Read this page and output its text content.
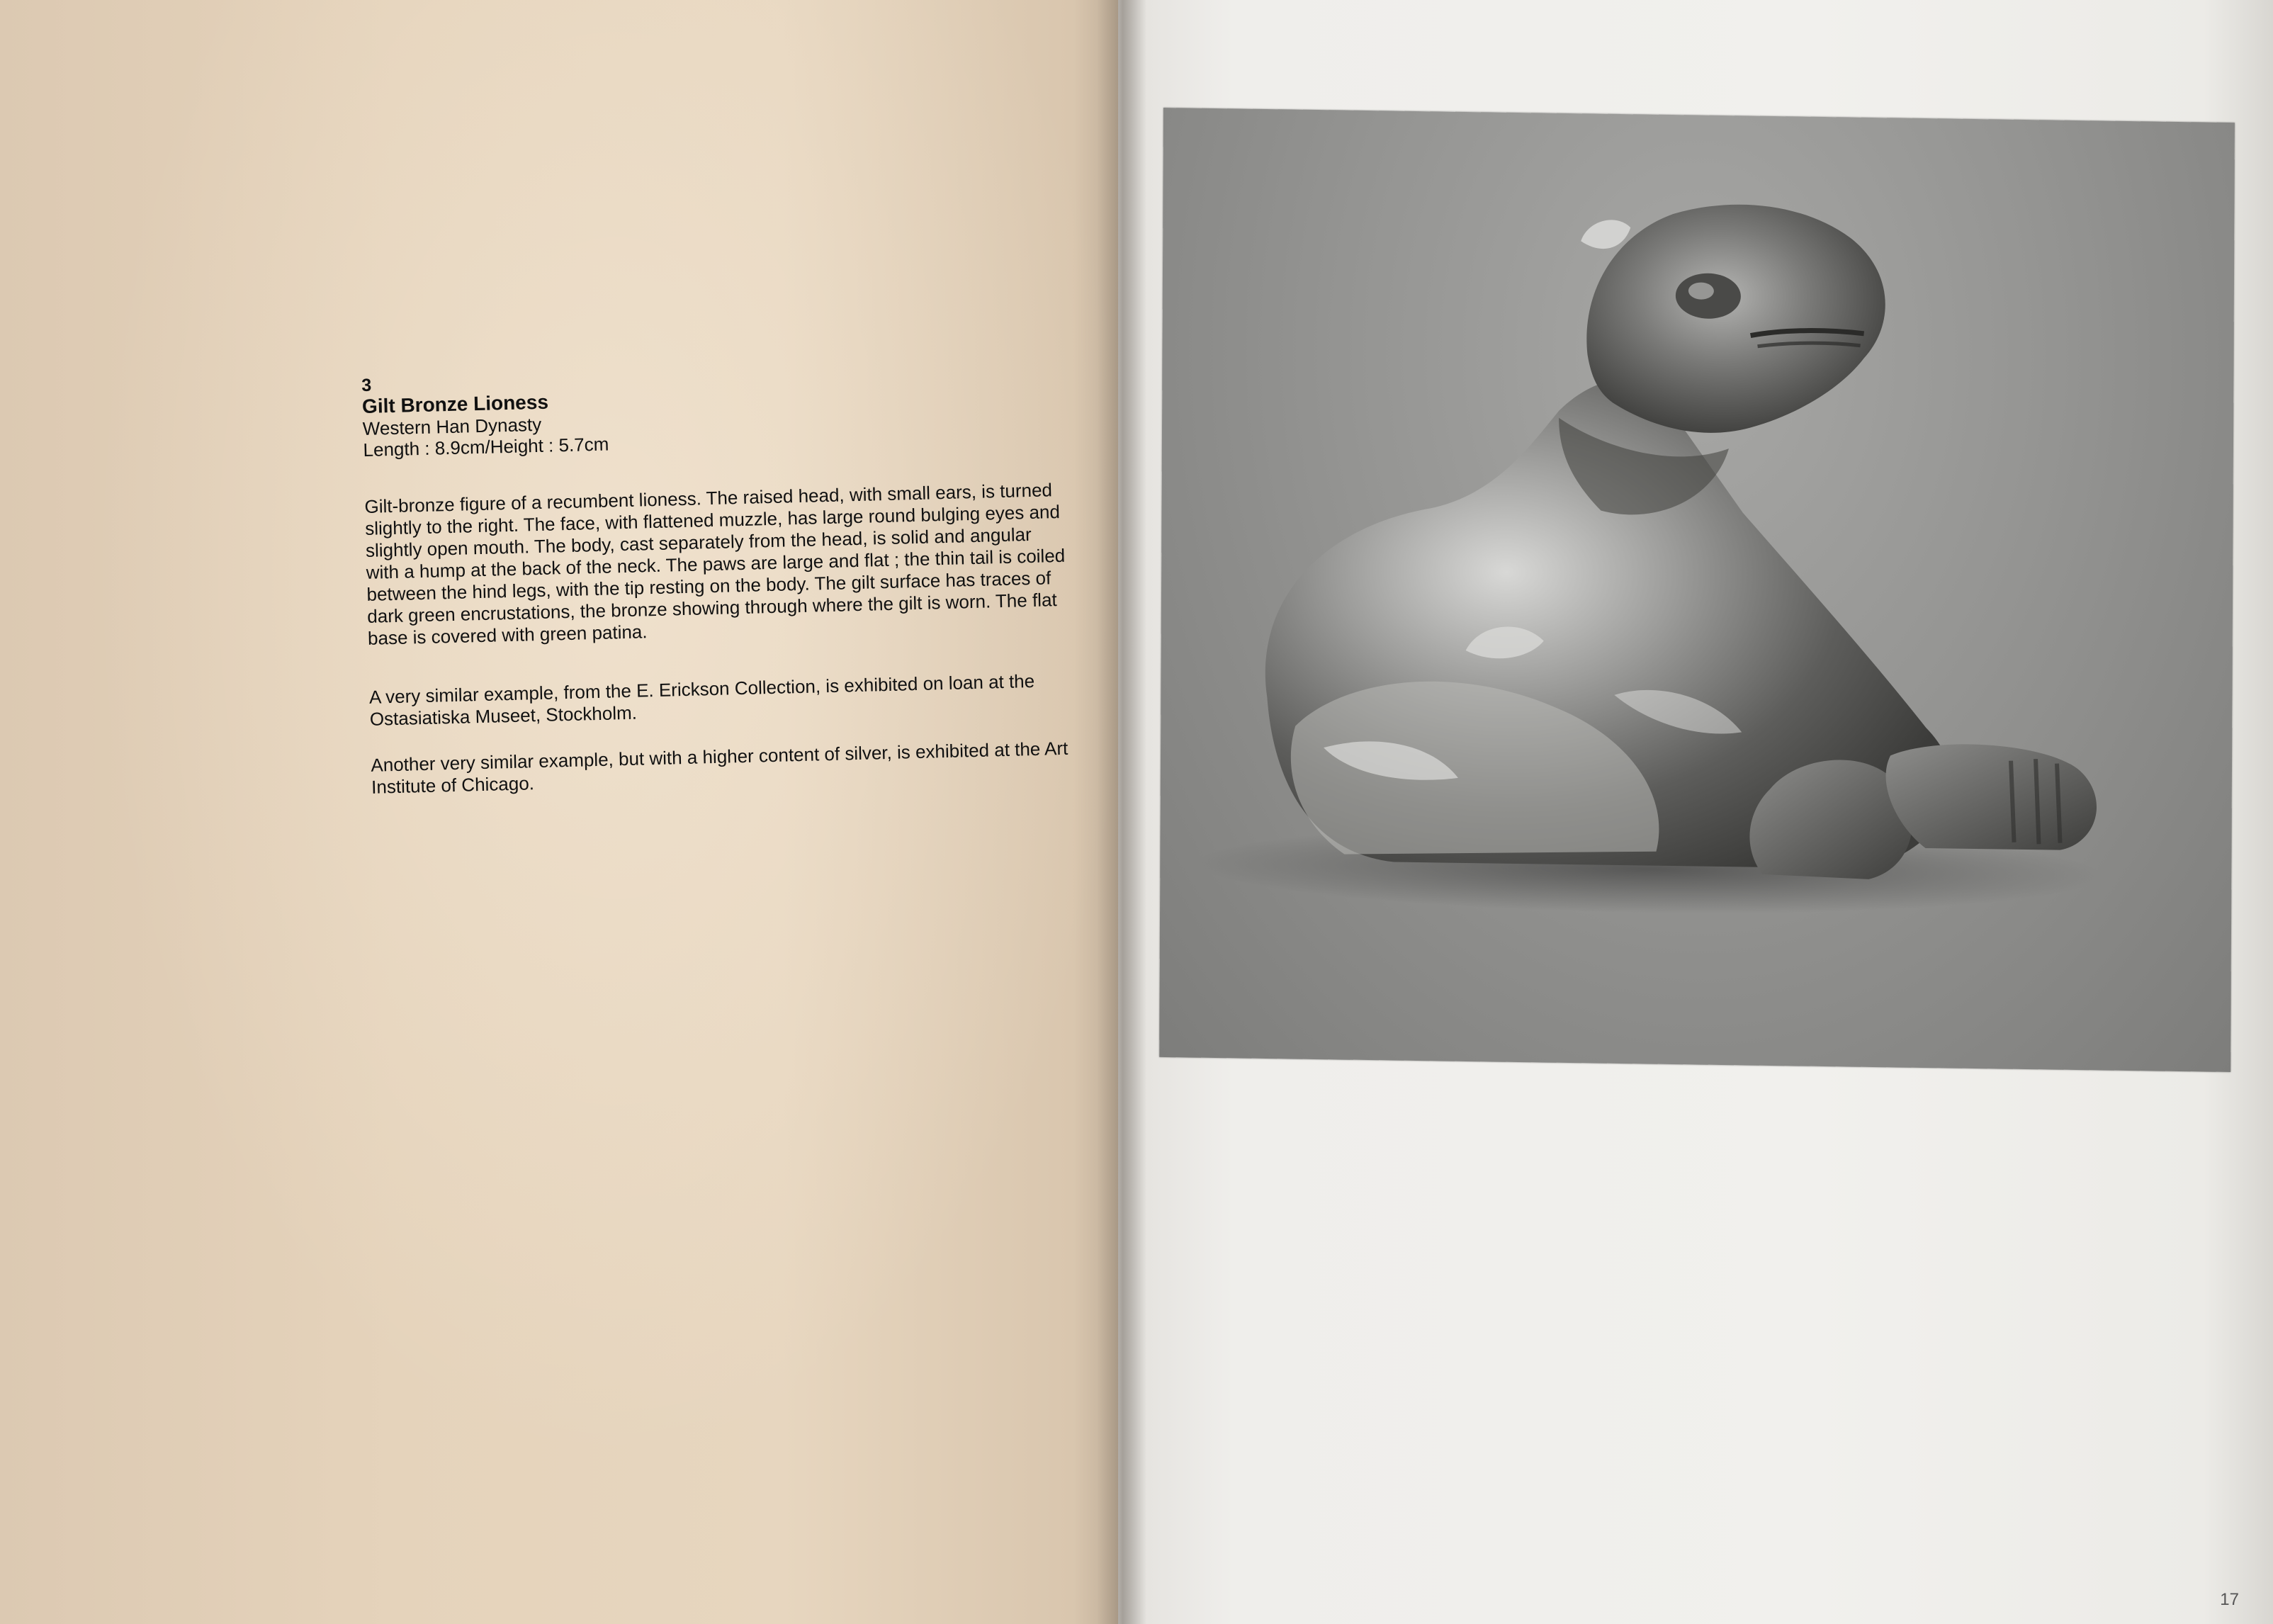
3
Gilt Bronze Lioness
Western Han Dynasty
Length : 8.9cm/Height : 5.7cm
Gilt-bronze figure of a recumbent lioness. The raised head, with small ears, is turned slightly to the right. The face, with flattened muzzle, has large round bulging eyes and slightly open mouth. The body, cast separately from the head, is solid and angular with a hump at the back of the neck. The paws are large and flat ; the thin tail is coiled between the hind legs, with the tip resting on the body. The gilt surface has traces of dark green encrustations, the bronze showing through where the gilt is worn. The flat base is covered with green patina.
A very similar example, from the E. Erickson Collection, is exhibited on loan at the Ostasiatiska Museet, Stockholm.
Another very similar example, but with a higher content of silver, is exhibited at the Art Institute of Chicago.
17
